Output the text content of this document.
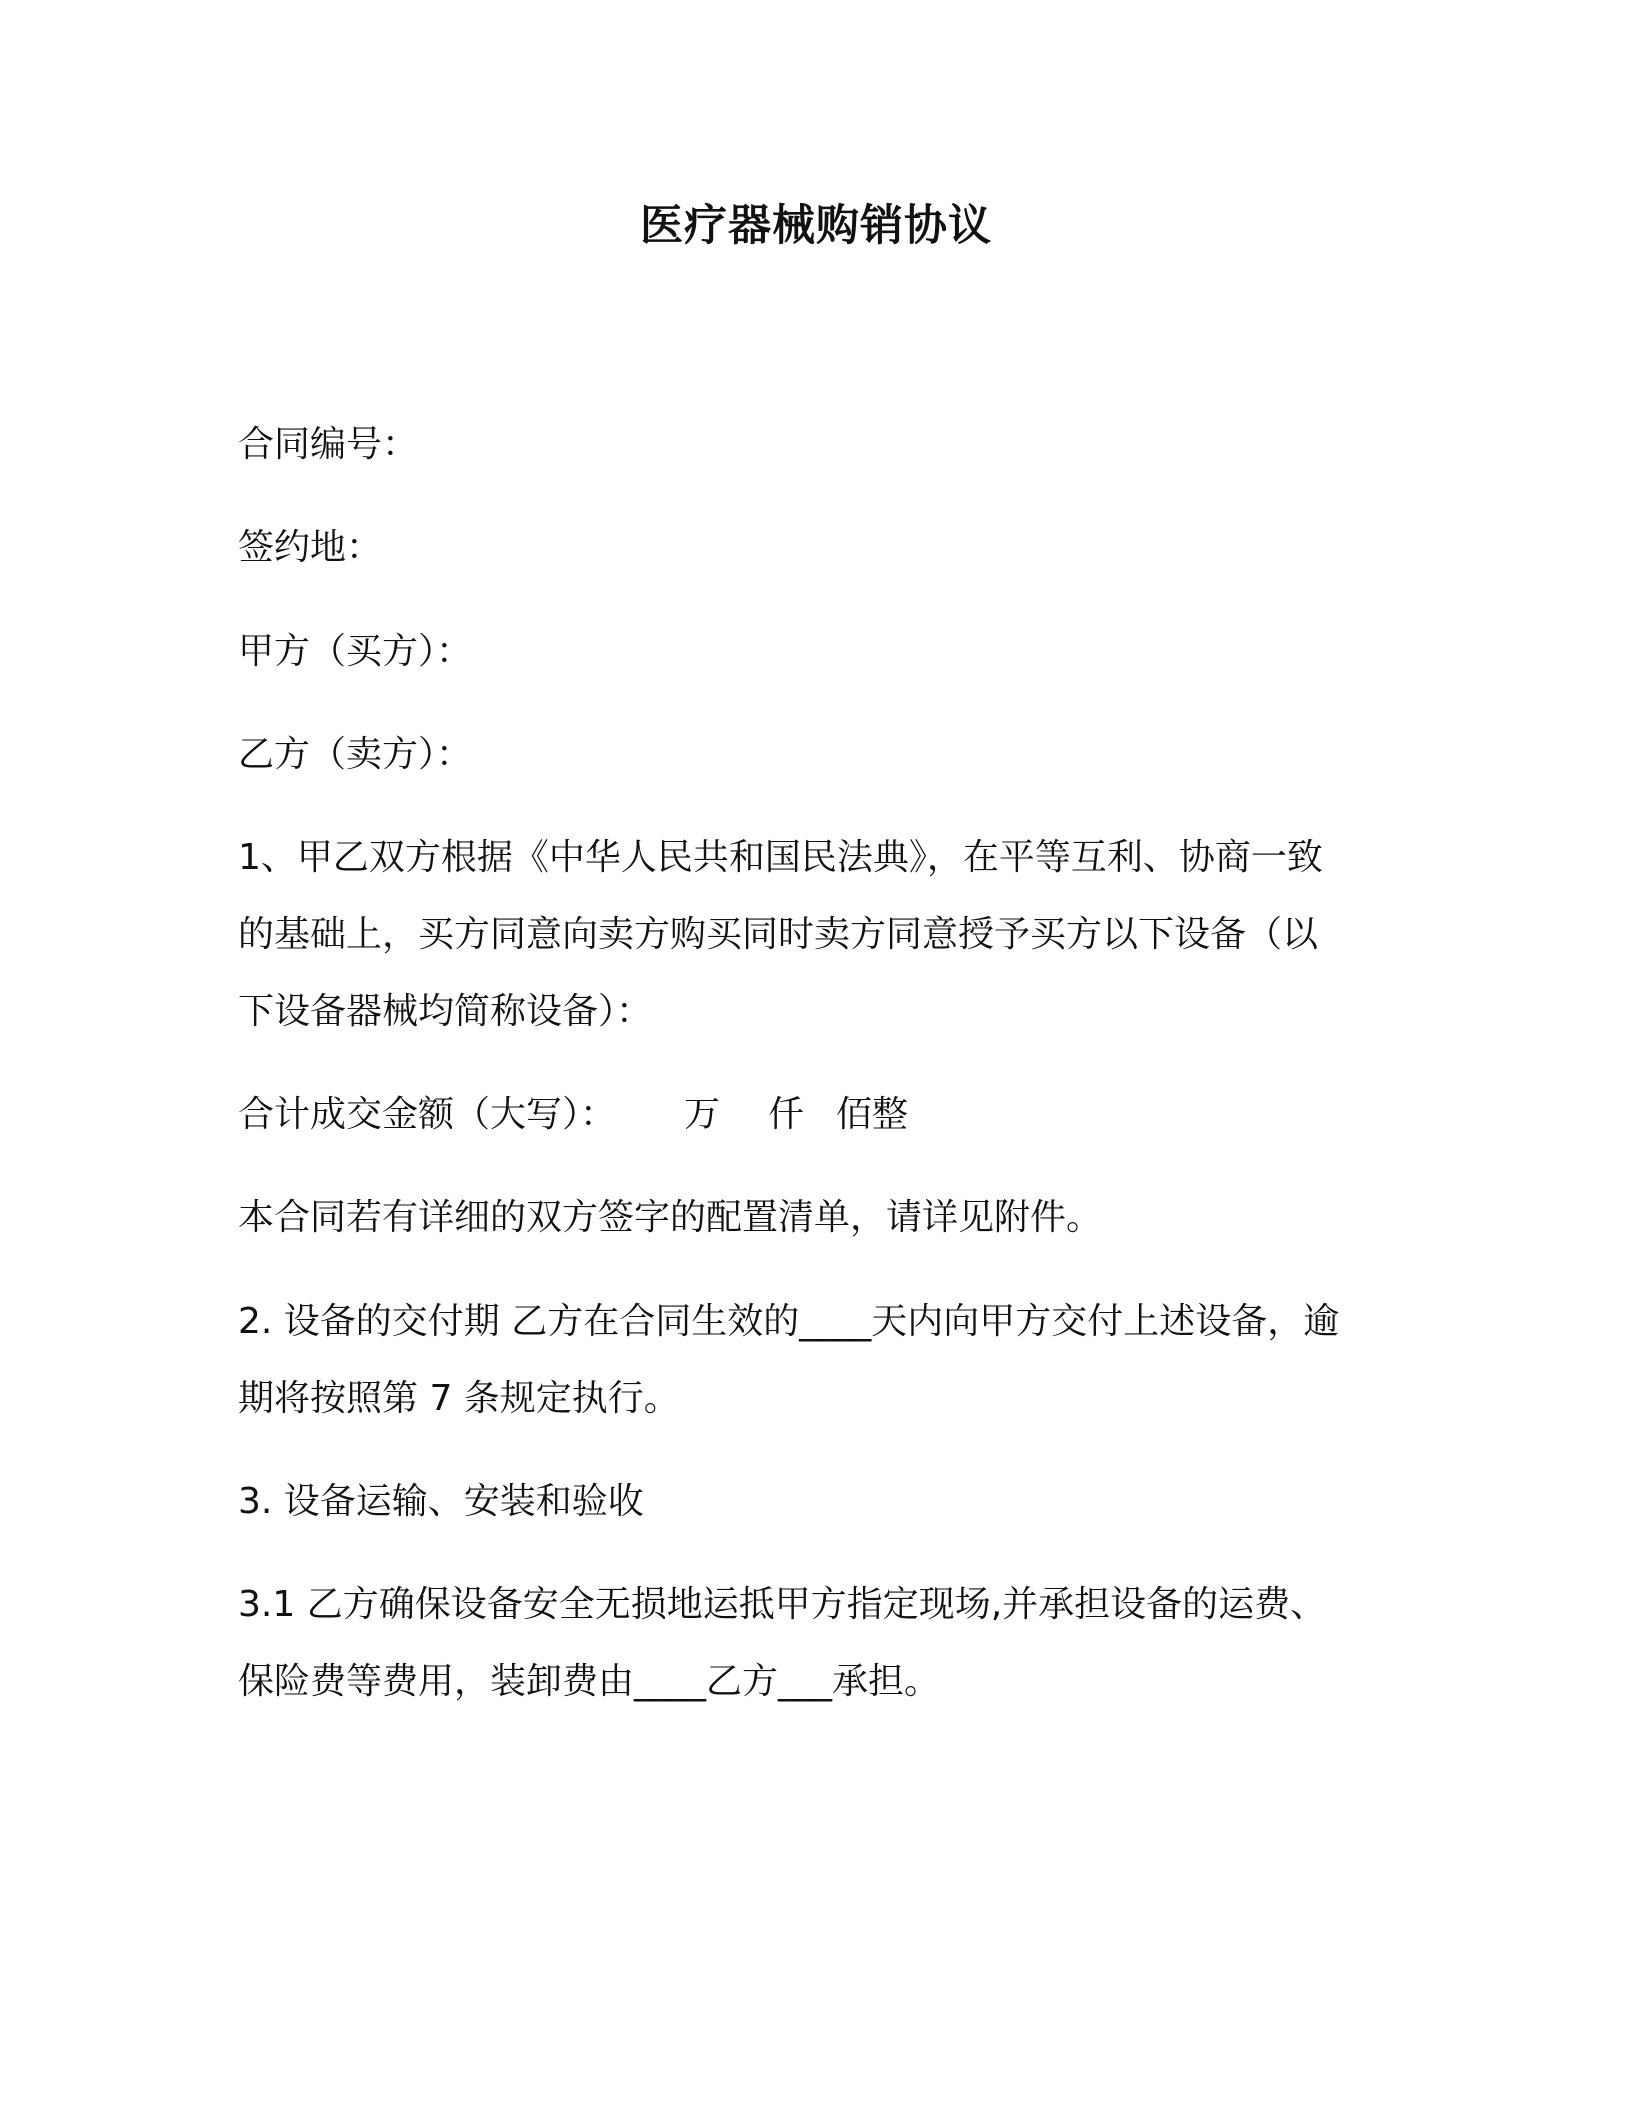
医疗器械购销协议
合同编号：
签约地：
甲方（买方）：
乙方（卖方）：
1、甲乙双方根据《中华人民共和国民法典》，在平等互利、协商一致
的基础上，买方同意向卖方购买同时卖方同意授予买方以下设备（以
下设备器械均简称设备）：
合计成交金额（大写）： 万 仟 佰整
本合同若有详细的双方签字的配置清单，请详见附件。
2. 设备的交付期 乙方在合同生效的____天内向甲方交付上述设备，逾
期将按照第 7 条规定执行。
3. 设备运输、安装和验收
3.1 乙方确保设备安全无损地运抵甲方指定现场,并承担设备的运费、
保险费等费用，装卸费由____乙方___承担。
